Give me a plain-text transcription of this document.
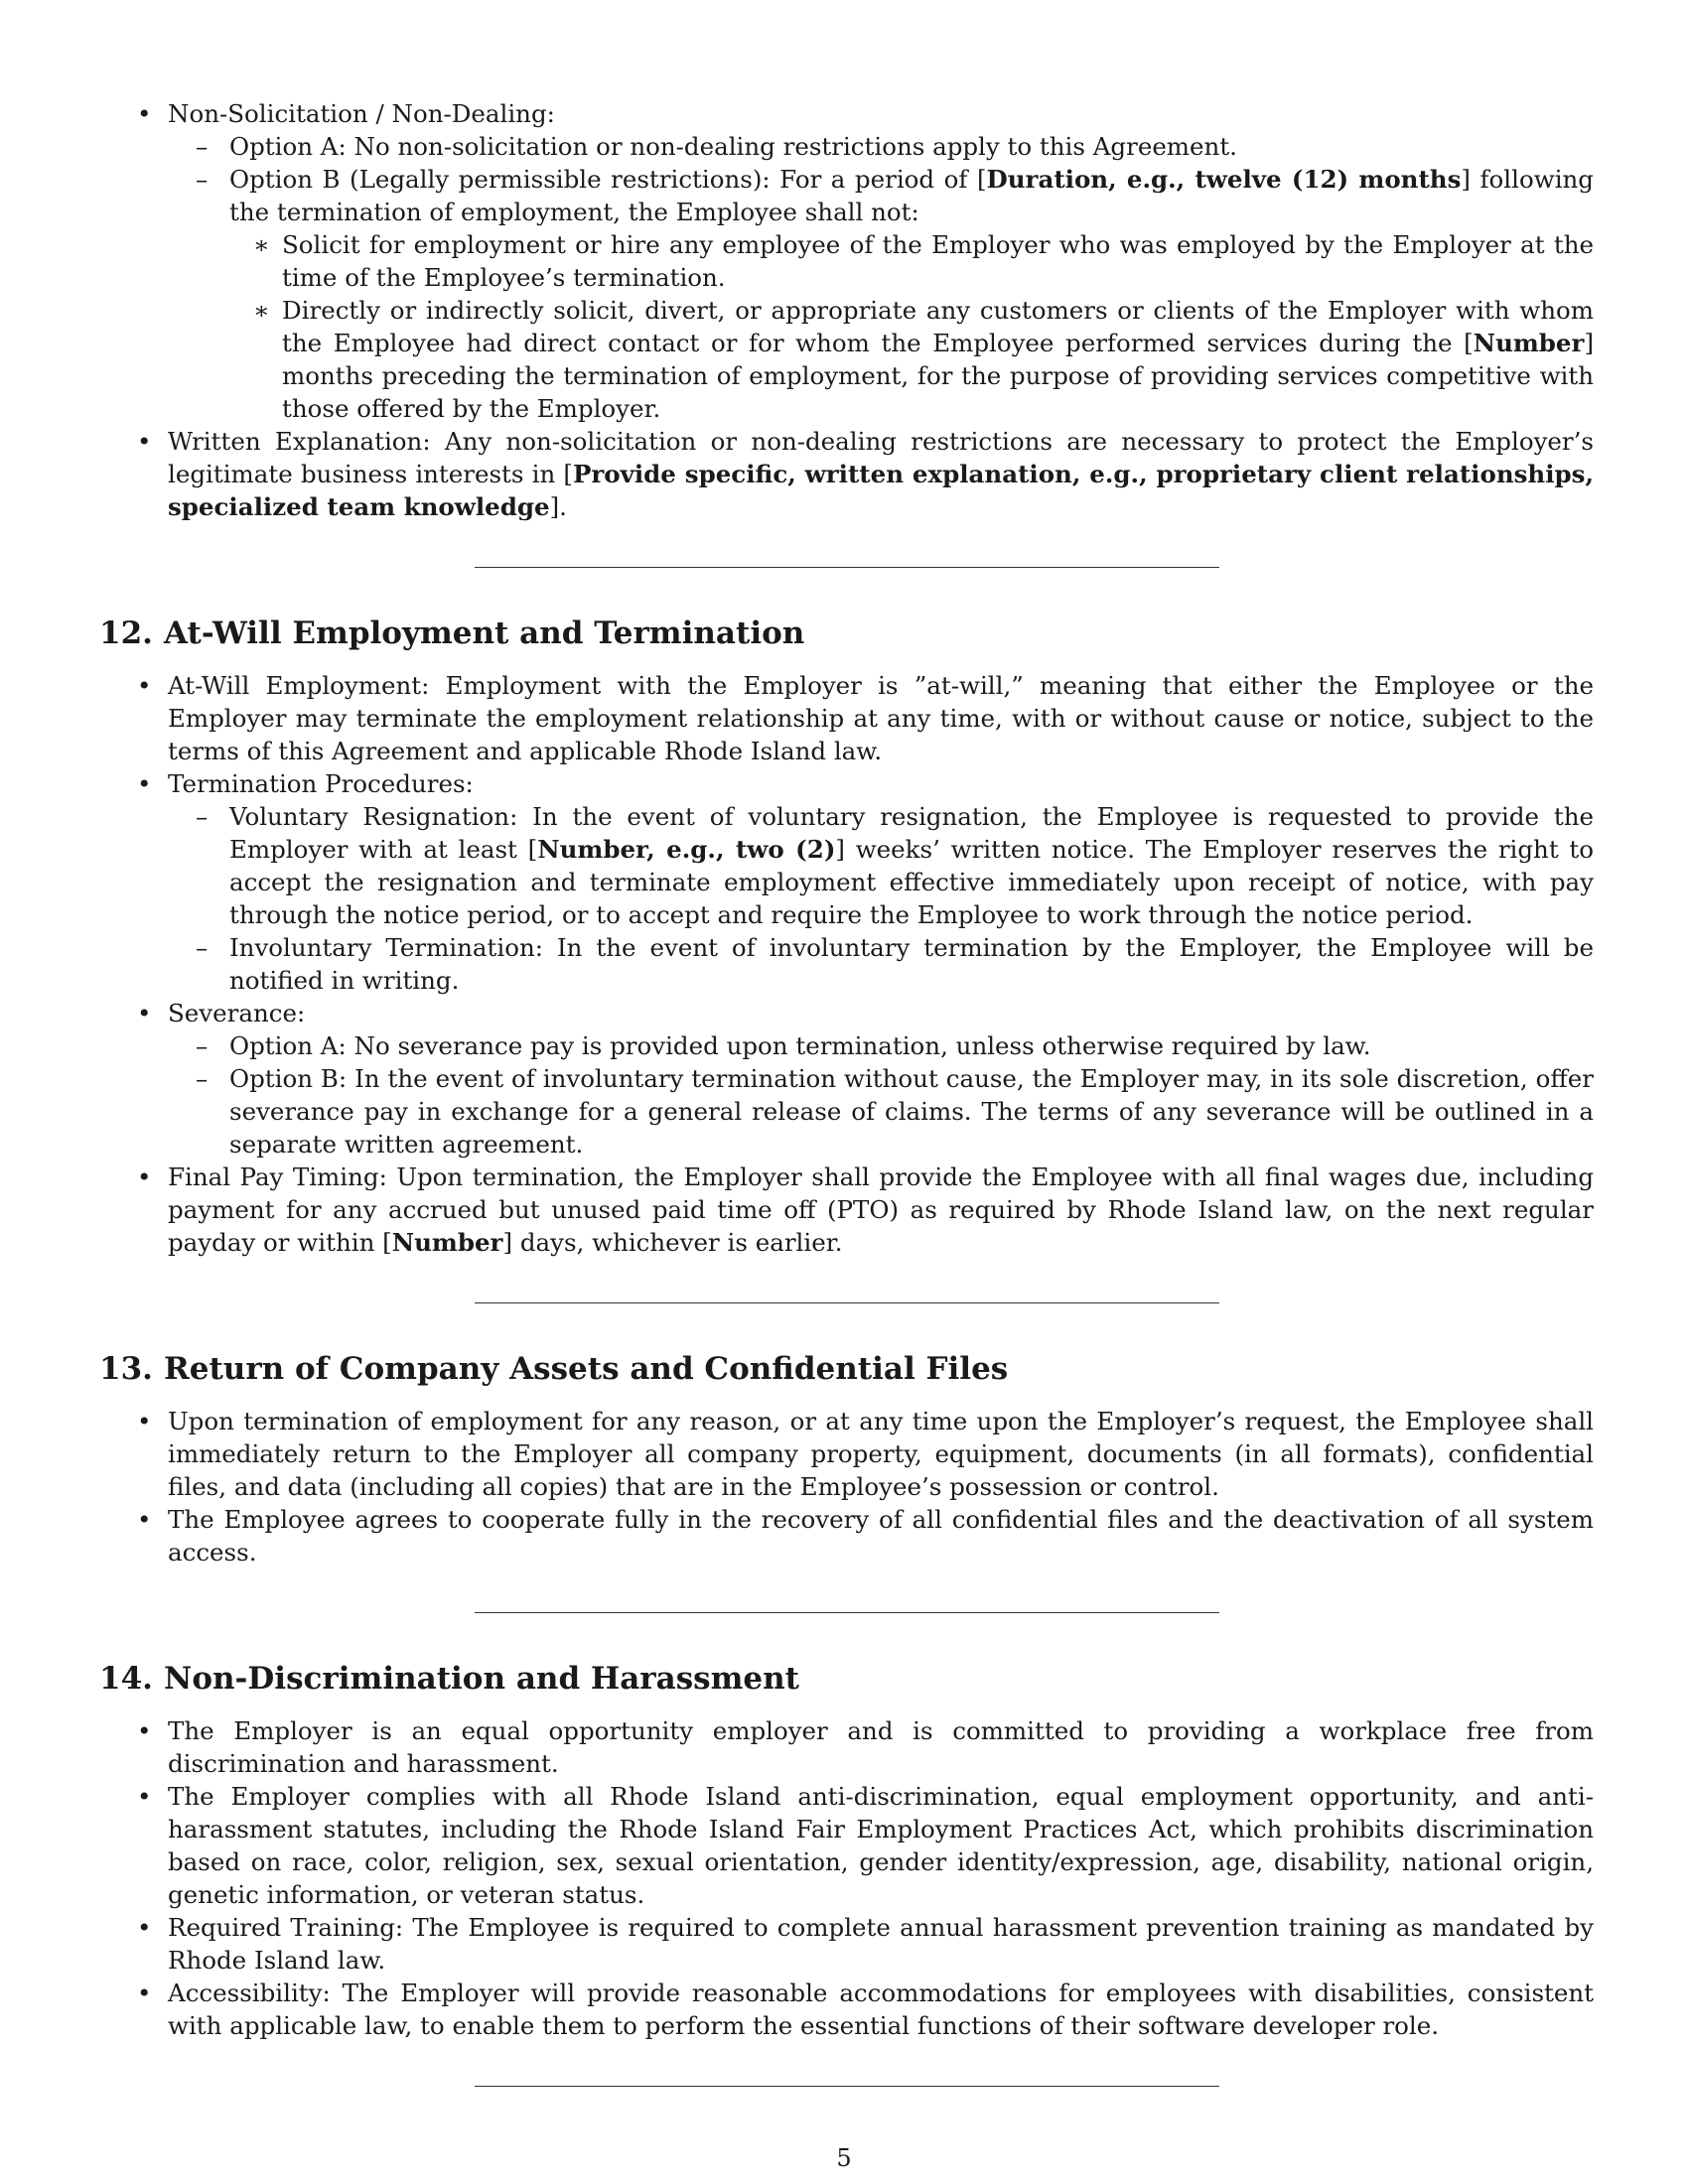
• Non-Solicitation / Non-Dealing:
– Option A: No non-solicitation or non-dealing restrictions apply to this Agreement.
– Option B (Legally permissible restrictions): For a period of [Duration, e.g., twelve (12) months] following the termination of employment, the Employee shall not:
∗ Solicit for employment or hire any employee of the Employer who was employed by the Employer at the time of the Employee’s termination.
∗ Directly or indirectly solicit, divert, or appropriate any customers or clients of the Employer with whom the Employee had direct contact or for whom the Employee performed services during the [Number] months preceding the termination of employment, for the purpose of providing services competitive with those offered by the Employer.
• Written Explanation: Any non-solicitation or non-dealing restrictions are necessary to protect the Employer’s legitimate business interests in [Provide specific, written explanation, e.g., proprietary client relationships, specialized team knowledge].
12. At-Will Employment and Termination
• At-Will Employment: Employment with the Employer is ”at-will,” meaning that either the Employee or the Employer may terminate the employment relationship at any time, with or without cause or notice, subject to the terms of this Agreement and applicable Rhode Island law.
• Termination Procedures:
– Voluntary Resignation: In the event of voluntary resignation, the Employee is requested to provide the Employer with at least [Number, e.g., two (2)] weeks’ written notice. The Employer reserves the right to accept the resignation and terminate employment effective immediately upon receipt of notice, with pay through the notice period, or to accept and require the Employee to work through the notice period.
– Involuntary Termination: In the event of involuntary termination by the Employer, the Employee will be notified in writing.
• Severance:
– Option A: No severance pay is provided upon termination, unless otherwise required by law.
– Option B: In the event of involuntary termination without cause, the Employer may, in its sole discretion, offer severance pay in exchange for a general release of claims. The terms of any severance will be outlined in a separate written agreement.
• Final Pay Timing: Upon termination, the Employer shall provide the Employee with all final wages due, including payment for any accrued but unused paid time off (PTO) as required by Rhode Island law, on the next regular payday or within [Number] days, whichever is earlier.
13. Return of Company Assets and Confidential Files
• Upon termination of employment for any reason, or at any time upon the Employer’s request, the Employee shall immediately return to the Employer all company property, equipment, documents (in all formats), confidential files, and data (including all copies) that are in the Employee’s possession or control.
• The Employee agrees to cooperate fully in the recovery of all confidential files and the deactivation of all system access.
14. Non-Discrimination and Harassment
• The Employer is an equal opportunity employer and is committed to providing a workplace free from discrimination and harassment.
• The Employer complies with all Rhode Island anti-discrimination, equal employment opportunity, and anti-harassment statutes, including the Rhode Island Fair Employment Practices Act, which prohibits discrimination based on race, color, religion, sex, sexual orientation, gender identity/expression, age, disability, national origin, genetic information, or veteran status.
• Required Training: The Employee is required to complete annual harassment prevention training as mandated by Rhode Island law.
• Accessibility: The Employer will provide reasonable accommodations for employees with disabilities, consistent with applicable law, to enable them to perform the essential functions of their software developer role.
5
